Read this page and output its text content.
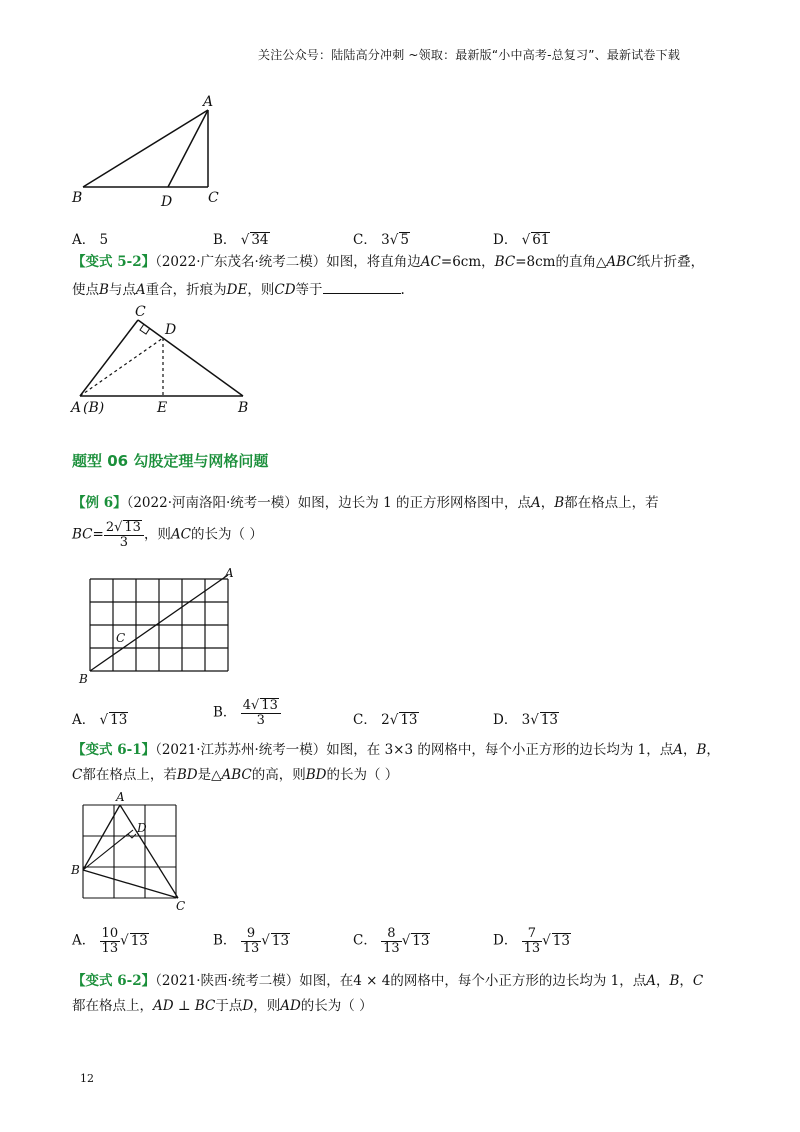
关注公众号：陆陆高分冲刺 ~领取：最新版“小中高考-总复习”、最新试卷下载
A
B	C
D
A． 5	B． √ 34	C． 3√ 5	D． √ 61
【变式 5-2】（2022·广东茂名·统考二模）如图，将直角边AC=6cm，BC=8cm的直角△ABC纸片折叠，
使点B与点A重合，折痕为DE，则CD等于	.
C
D
A (B)	E	B
题型 06 勾股定理与网格问题
【例 6】（2022·河南洛阳·统考一模）如图，边长为 1 的正方形网格图中，点A，B都在格点上，若
$BC= \frac{2√ 13}{3}$ ，则AC的长为（ ）
A
B
C
A． √ 13	B． $\frac{4√ 13}{3}$	C． 2√ 13	D． 3√ 13
【变式 6-1】（2021·江苏苏州·统考一模）如图，在 3×3 的网格中，每个小正方形的边长均为 1，点A，B，
C都在格点上，若BD是△ABC的高，则BD的长为（ ）
A
B
C
D
A． $\frac{10}{13}$ √ 13	B． $\frac{9}{13}$ √ 13	C． $\frac{8}{13}$ √ 13	D． $\frac{7}{13}$ √ 13
【变式 6-2】（2021·陕西·统考二模）如图，在4 × 4的网格中，每个小正方形的边长均为 1，点A，B，C
都在格点上，AD ⊥ BC于点D，则AD的长为（ ）
12
